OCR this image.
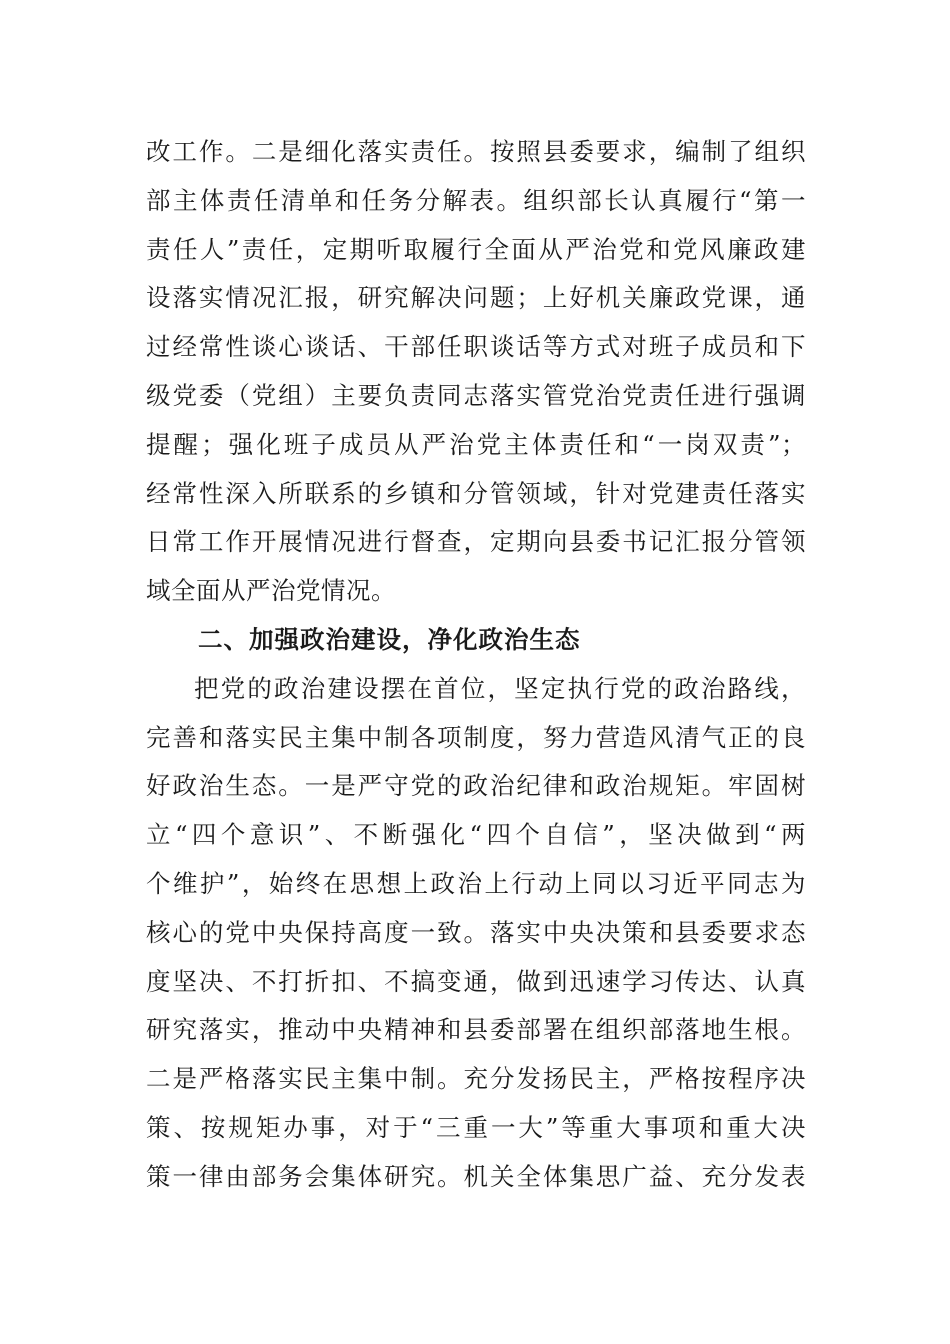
改工作。二是细化落实责任。按照县委要求，编制了组织
部主体责任清单和任务分解表。组织部长认真履行“第一
责任人”责任，定期听取履行全面从严治党和党风廉政建
设落实情况汇报，研究解决问题；上好机关廉政党课，通
过经常性谈心谈话、干部任职谈话等方式对班子成员和下
级党委（党组）主要负责同志落实管党治党责任进行强调
提醒；强化班子成员从严治党主体责任和“一岗双责”；
经常性深入所联系的乡镇和分管领域，针对党建责任落实
日常工作开展情况进行督查，定期向县委书记汇报分管领
域全面从严治党情况。
二、加强政治建设，净化政治生态
把党的政治建设摆在首位，坚定执行党的政治路线，
完善和落实民主集中制各项制度，努力营造风清气正的良
好政治生态。一是严守党的政治纪律和政治规矩。牢固树
立“四个意识”、不断强化“四个自信”，坚决做到“两
个维护”，始终在思想上政治上行动上同以习近平同志为
核心的党中央保持高度一致。落实中央决策和县委要求态
度坚决、不打折扣、不搞变通，做到迅速学习传达、认真
研究落实，推动中央精神和县委部署在组织部落地生根。
二是严格落实民主集中制。充分发扬民主，严格按程序决
策、按规矩办事，对于“三重一大”等重大事项和重大决
策一律由部务会集体研究。机关全体集思广益、充分发表
